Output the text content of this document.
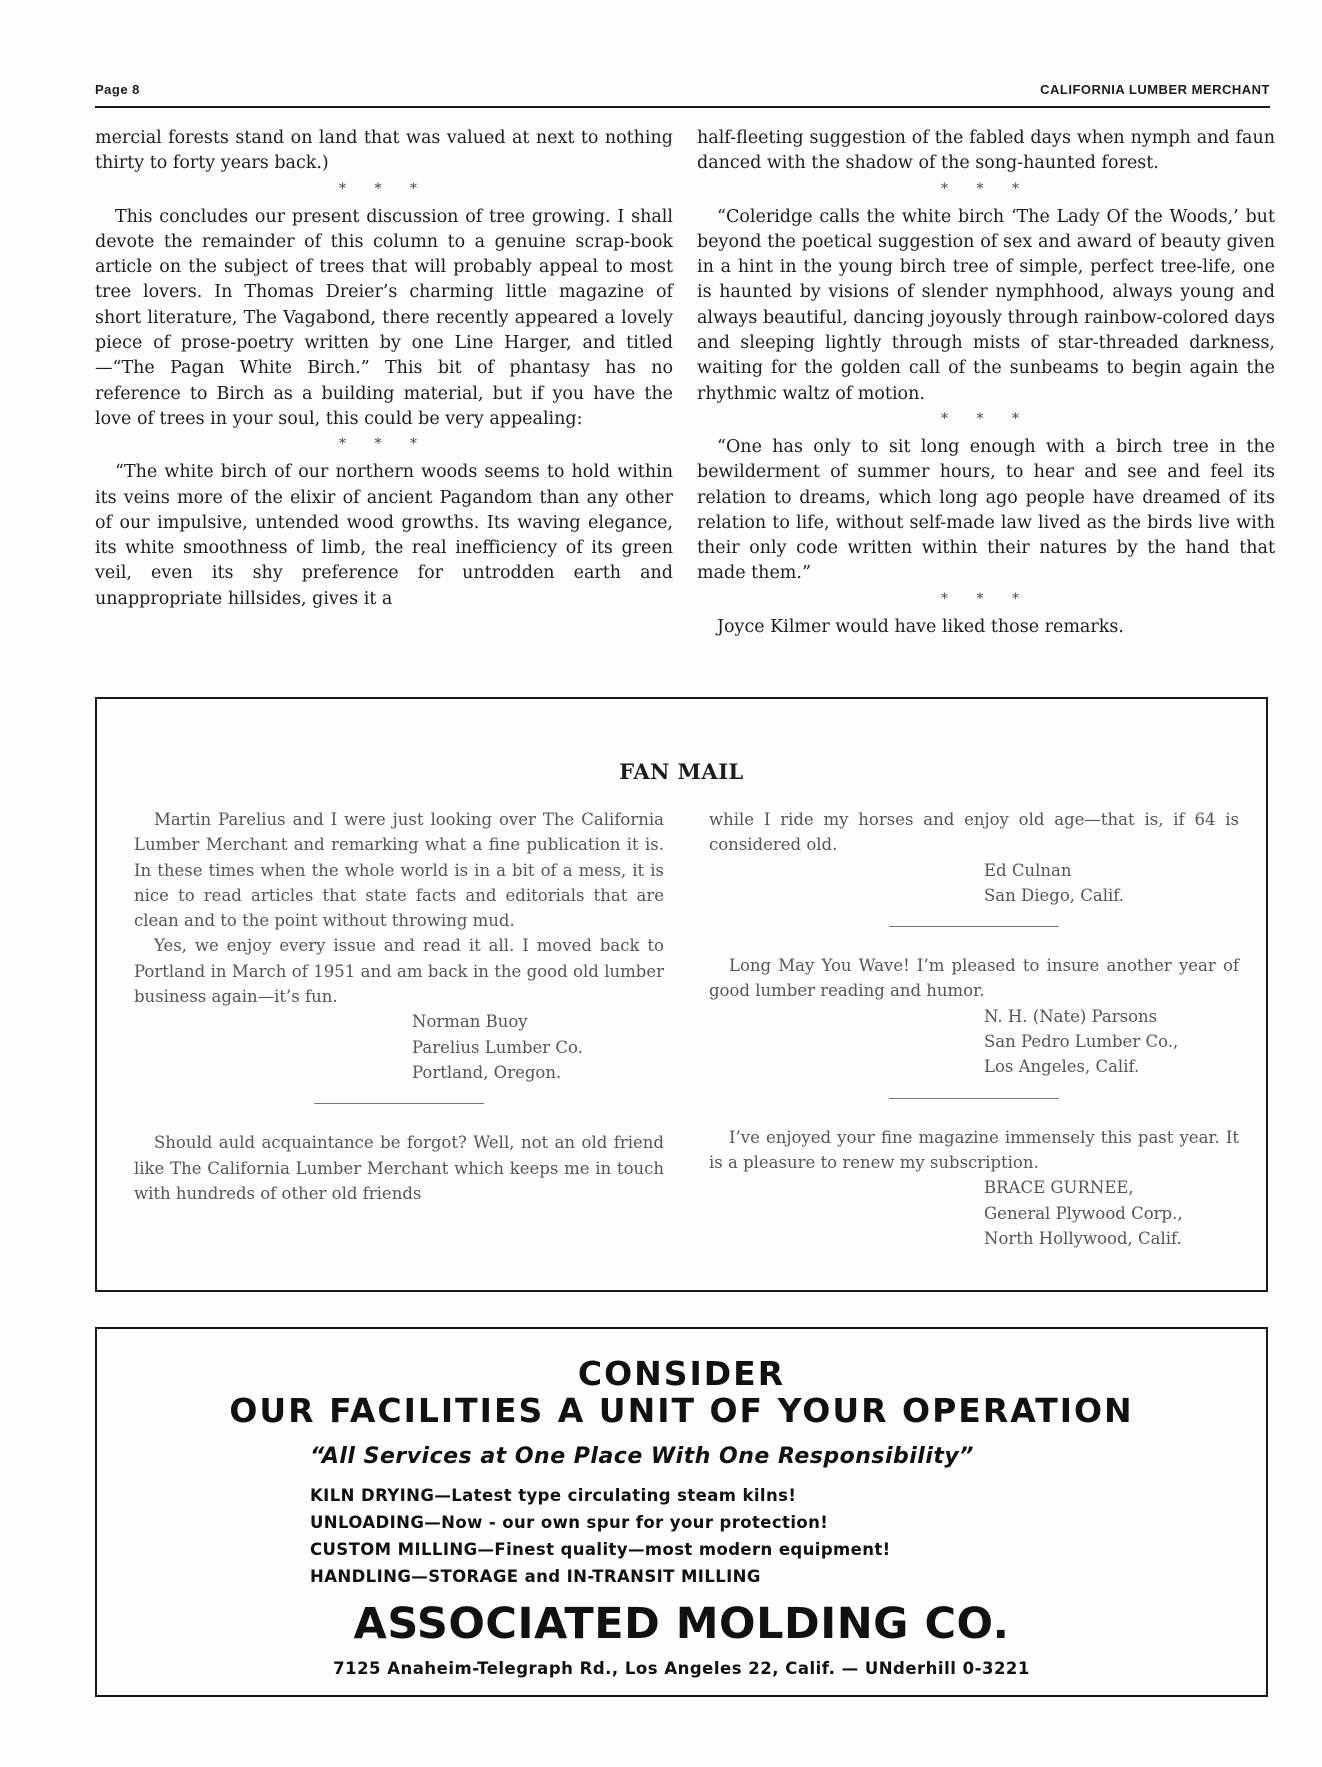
Page 8	CALIFORNIA LUMBER MERCHANT

mercial forests stand on land that was valued at next to nothing thirty to forty years back.)

* * *

This concludes our present discussion of tree growing. I shall devote the remainder of this column to a genuine scrap-book article on the subject of trees that will probably appeal to most tree lovers. In Thomas Dreier’s charming little magazine of short literature, The Vagabond, there recently appeared a lovely piece of prose-poetry written by one Line Harger, and titled—“The Pagan White Birch.” This bit of phantasy has no reference to Birch as a building material, but if you have the love of trees in your soul, this could be very appealing:

* * *

“The white birch of our northern woods seems to hold within its veins more of the elixir of ancient Pagandom than any other of our impulsive, untended wood growths. Its waving elegance, its white smoothness of limb, the real inefficiency of its green veil, even its shy preference for untrodden earth and unappropriate hillsides, gives it a

half-fleeting suggestion of the fabled days when nymph and faun danced with the shadow of the song-haunted forest.

* * *

“Coleridge calls the white birch ‘The Lady Of the Woods,’ but beyond the poetical suggestion of sex and award of beauty given in a hint in the young birch tree of simple, perfect tree-life, one is haunted by visions of slender nymphhood, always young and always beautiful, dancing joyously through rainbow-colored days and sleeping lightly through mists of star-threaded darkness, waiting for the golden call of the sunbeams to begin again the rhythmic waltz of motion.

* * *

“One has only to sit long enough with a birch tree in the bewilderment of summer hours, to hear and see and feel its relation to dreams, which long ago people have dreamed of its relation to life, without self-made law lived as the birds live with their only code written within their natures by the hand that made them.”

* * *

Joyce Kilmer would have liked those remarks.

FAN MAIL

Martin Parelius and I were just looking over The California Lumber Merchant and remarking what a fine publication it is. In these times when the whole world is in a bit of a mess, it is nice to read articles that state facts and editorials that are clean and to the point without throwing mud.

Yes, we enjoy every issue and read it all. I moved back to Portland in March of 1951 and am back in the good old lumber business again—it’s fun.

Norman Buoy
Parelius Lumber Co.
Portland, Oregon.

Should auld acquaintance be forgot? Well, not an old friend like The California Lumber Merchant which keeps me in touch with hundreds of other old friends

while I ride my horses and enjoy old age—that is, if 64 is considered old.

Ed Culnan
San Diego, Calif.

Long May You Wave! I’m pleased to insure another year of good lumber reading and humor.

N. H. (Nate) Parsons
San Pedro Lumber Co.,
Los Angeles, Calif.

I’ve enjoyed your fine magazine immensely this past year. It is a pleasure to renew my subscription.

BRACE GURNEE,
General Plywood Corp.,
North Hollywood, Calif.
CONSIDER
OUR FACILITIES A UNIT OF YOUR OPERATION
“All Services at One Place With One Responsibility”
KILN DRYING—Latest type circulating steam kilns!
UNLOADING—Now - our own spur for your protection!
CUSTOM MILLING—Finest quality—most modern equipment!
HANDLING—STORAGE and IN-TRANSIT MILLING
ASSOCIATED MOLDING CO.
7125 Anaheim-Telegraph Rd., Los Angeles 22, Calif. — UNderhill 0-3221
